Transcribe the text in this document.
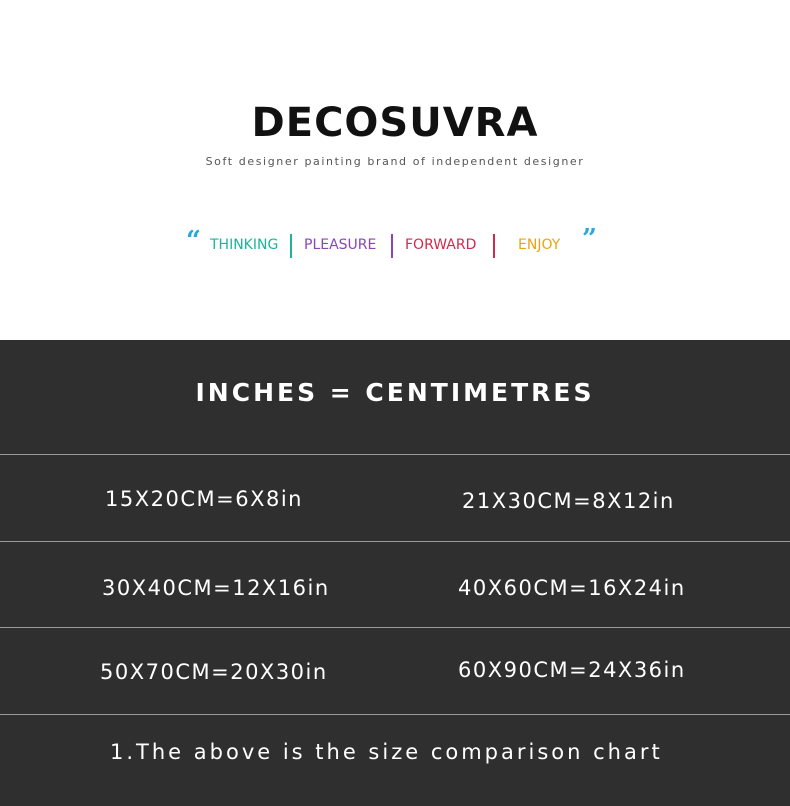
DECOSUVRA
Soft designer painting brand of independent designer
“ THINKING PLEASURE FORWARD	ENJOY ”
INCHES = CENTIMETRES
15X20CM=6X8in	21X30CM=8X12in
30X40CM=12X16in	40X60CM=16X24in
50X70CM=20X30in	60X90CM=24X36in
1.The above is the size comparison chart
